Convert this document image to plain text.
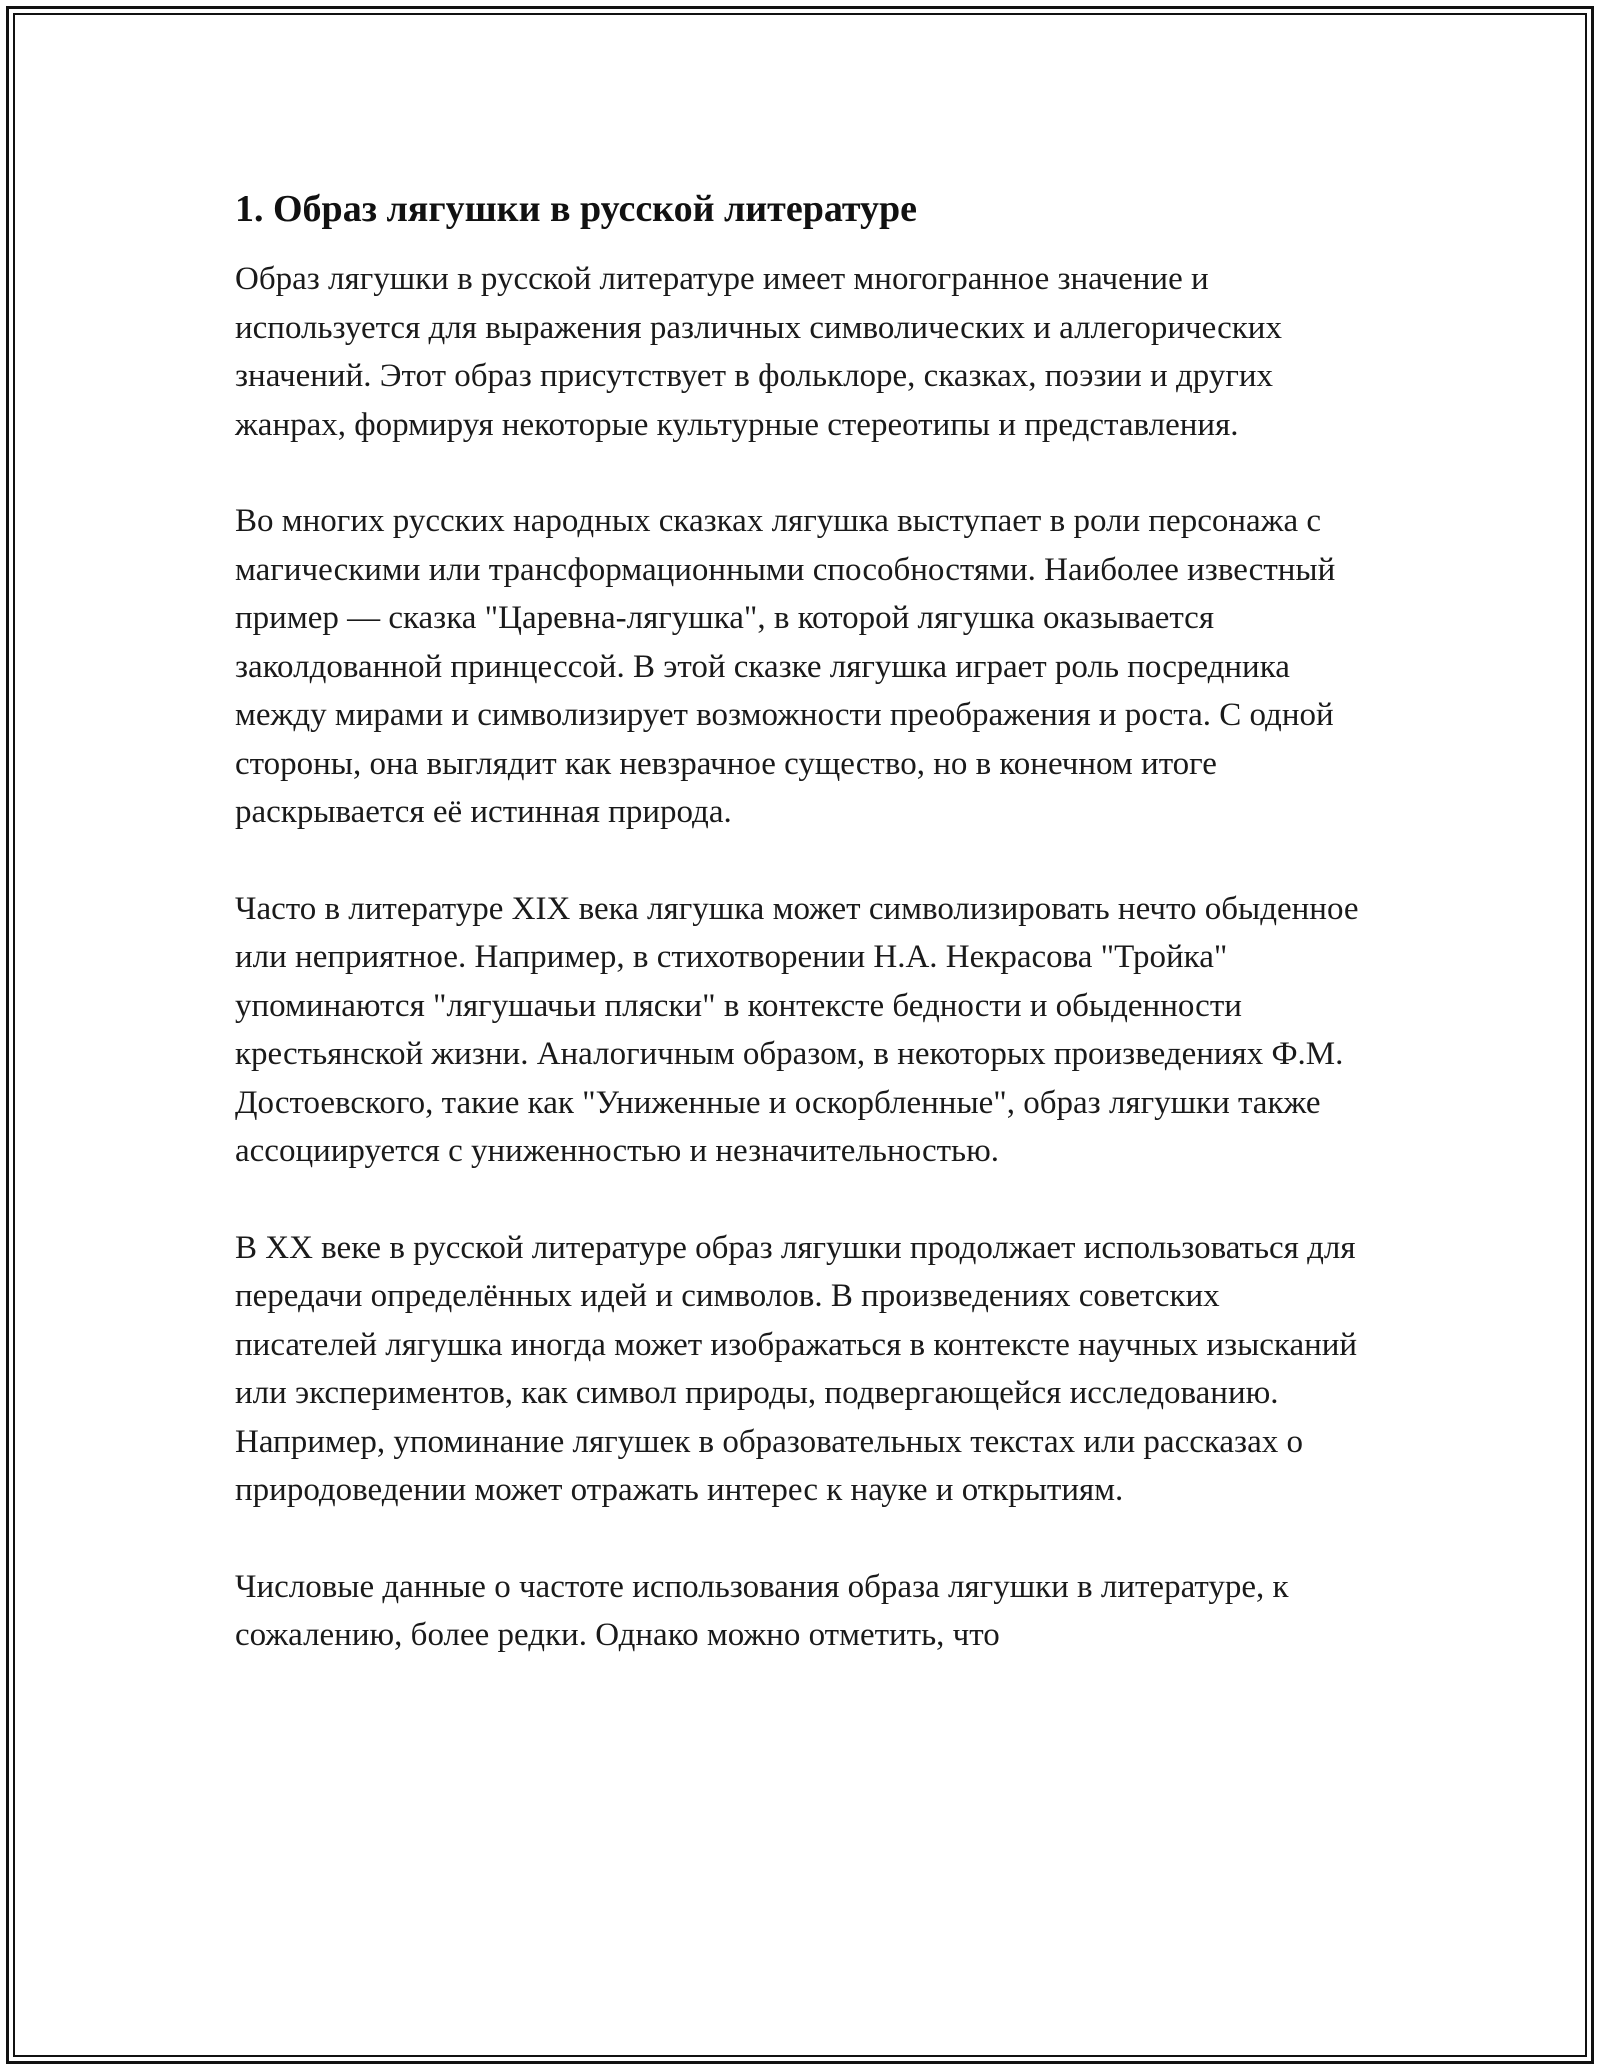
1. Образ лягушки в русской литературе

Образ лягушки в русской литературе имеет многогранное значение и используется для выражения различных символических и аллегорических значений. Этот образ присутствует в фольклоре, сказках, поэзии и других жанрах, формируя некоторые культурные стереотипы и представления.

Во многих русских народных сказках лягушка выступает в роли персонажа с магическими или трансформационными способностями. Наиболее известный пример — сказка "Царевна-лягушка", в которой лягушка оказывается заколдованной принцессой. В этой сказке лягушка играет роль посредника между мирами и символизирует возможности преображения и роста. С одной стороны, она выглядит как невзрачное существо, но в конечном итоге раскрывается её истинная природа.

Часто в литературе XIX века лягушка может символизировать нечто обыденное или неприятное. Например, в стихотворении Н.А. Некрасова "Тройка" упоминаются "лягушачьи пляски" в контексте бедности и обыденности крестьянской жизни. Аналогичным образом, в некоторых произведениях Ф.М. Достоевского, такие как "Униженные и оскорбленные", образ лягушки также ассоциируется с униженностью и незначительностью.

В XX веке в русской литературе образ лягушки продолжает использоваться для передачи определённых идей и символов. В произведениях советских писателей лягушка иногда может изображаться в контексте научных изысканий или экспериментов, как символ природы, подвергающейся исследованию. Например, упоминание лягушек в образовательных текстах или рассказах о природоведении может отражать интерес к науке и открытиям.

Числовые данные о частоте использования образа лягушки в литературе, к сожалению, более редки. Однако можно отметить, что
